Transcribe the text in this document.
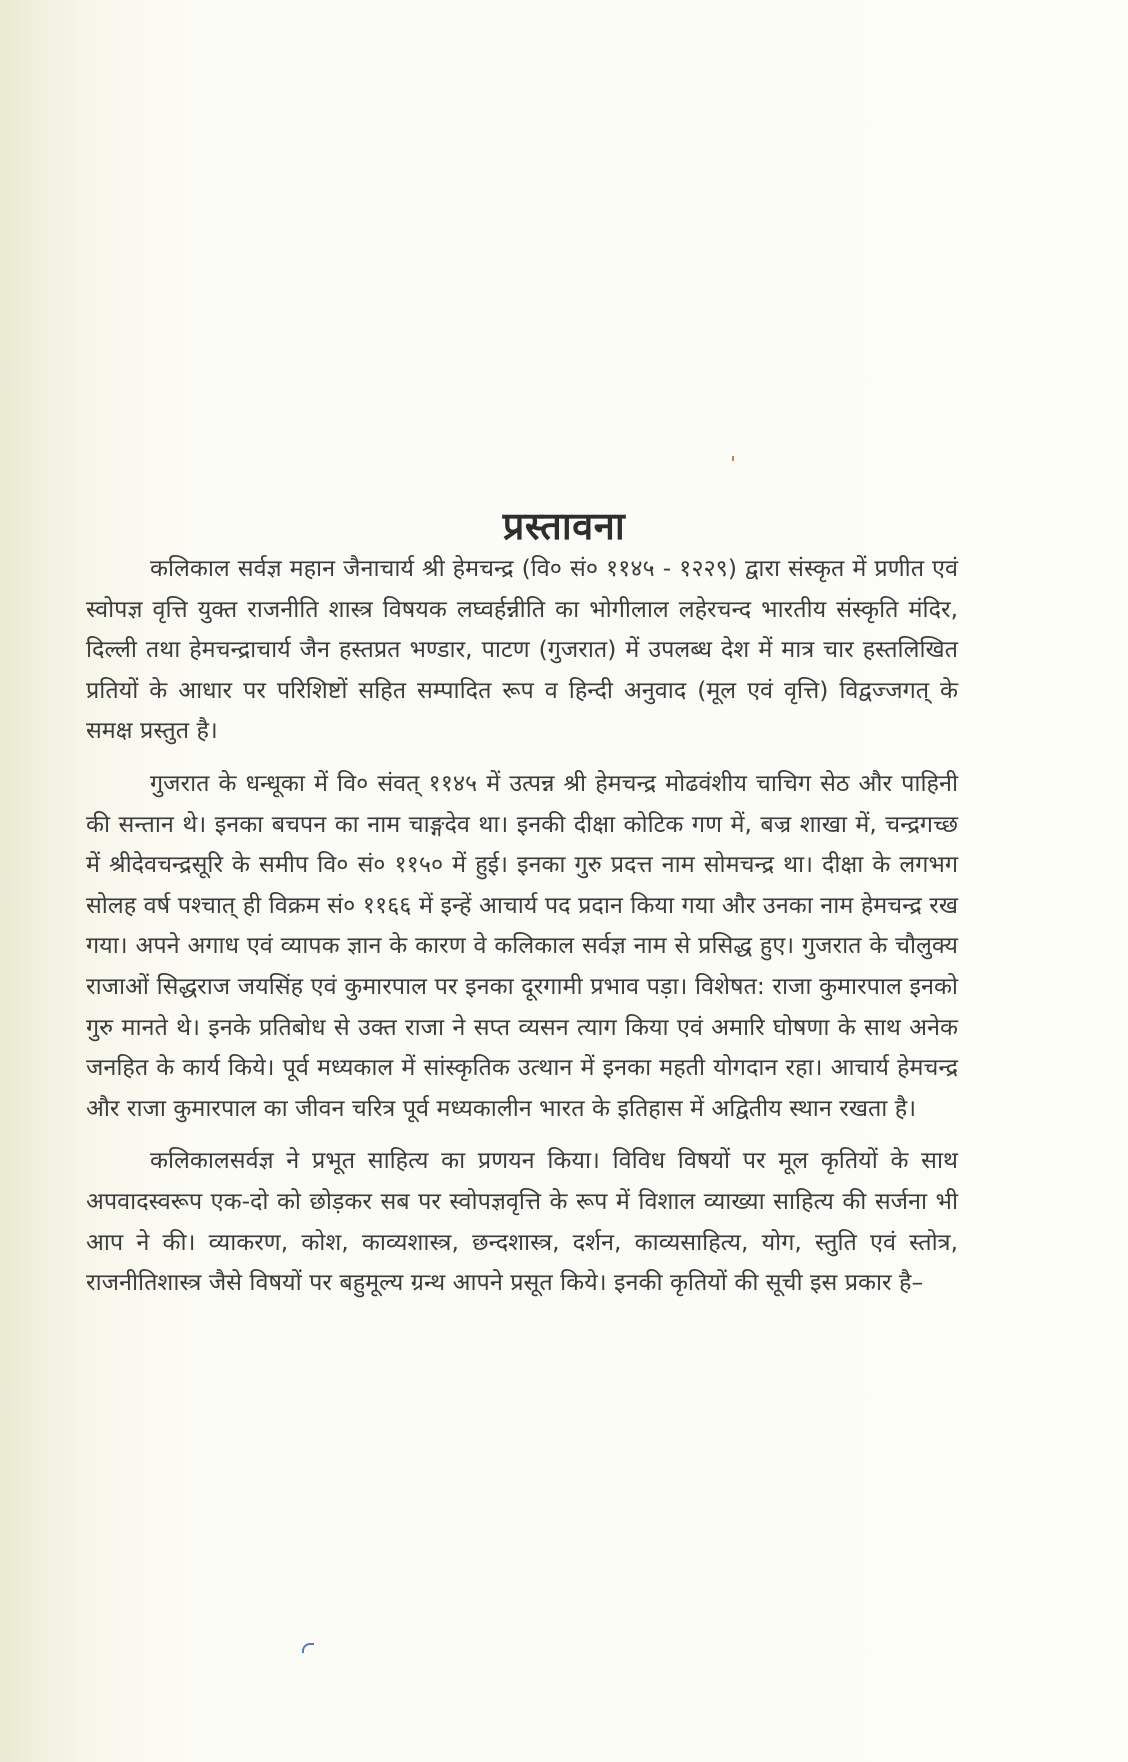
प्रस्तावना

कलिकाल सर्वज्ञ महान जैनाचार्य श्री हेमचन्द्र (वि० सं० ११४५ - १२२९) द्वारा संस्कृत में प्रणीत एवं स्वोपज्ञ वृत्ति युक्त राजनीति शास्त्र विषयक लघ्वर्हन्नीति का भोगीलाल लहेरचन्द भारतीय संस्कृति मंदिर, दिल्ली तथा हेमचन्द्राचार्य जैन हस्तप्रत भण्डार, पाटण (गुजरात) में उपलब्ध देश में मात्र चार हस्तलिखित प्रतियों के आधार पर परिशिष्टों सहित सम्पादित रूप व हिन्दी अनुवाद (मूल एवं वृत्ति) विद्वज्जगत् के समक्ष प्रस्तुत है।

गुजरात के धन्धूका में वि० संवत् ११४५ में उत्पन्न श्री हेमचन्द्र मोढवंशीय चाचिग सेठ और पाहिनी की सन्तान थे। इनका बचपन का नाम चाङ्गदेव था। इनकी दीक्षा कोटिक गण में, बज्र शाखा में, चन्द्रगच्छ में श्रीदेवचन्द्रसूरि के समीप वि० सं० ११५० में हुई। इनका गुरु प्रदत्त नाम सोमचन्द्र था। दीक्षा के लगभग सोलह वर्ष पश्चात् ही विक्रम सं० ११६६ में इन्हें आचार्य पद प्रदान किया गया और उनका नाम हेमचन्द्र रख गया। अपने अगाध एवं व्यापक ज्ञान के कारण वे कलिकाल सर्वज्ञ नाम से प्रसिद्ध हुए। गुजरात के चौलुक्य राजाओं सिद्धराज जयसिंह एवं कुमारपाल पर इनका दूरगामी प्रभाव पड़ा। विशेषत: राजा कुमारपाल इनको गुरु मानते थे। इनके प्रतिबोध से उक्त राजा ने सप्त व्यसन त्याग किया एवं अमारि घोषणा के साथ अनेक जनहित के कार्य किये। पूर्व मध्यकाल में सांस्कृतिक उत्थान में इनका महती योगदान रहा। आचार्य हेमचन्द्र और राजा कुमारपाल का जीवन चरित्र पूर्व मध्यकालीन भारत के इतिहास में अद्वितीय स्थान रखता है।

कलिकालसर्वज्ञ ने प्रभूत साहित्य का प्रणयन किया। विविध विषयों पर मूल कृतियों के साथ अपवादस्वरूप एक-दो को छोड़कर सब पर स्वोपज्ञवृत्ति के रूप में विशाल व्याख्या साहित्य की सर्जना भी आप ने की। व्याकरण, कोश, काव्यशास्त्र, छन्दशास्त्र, दर्शन, काव्यसाहित्य, योग, स्तुति एवं स्तोत्र, राजनीतिशास्त्र जैसे विषयों पर बहुमूल्य ग्रन्थ आपने प्रसूत किये। इनकी कृतियों की सूची इस प्रकार है–
